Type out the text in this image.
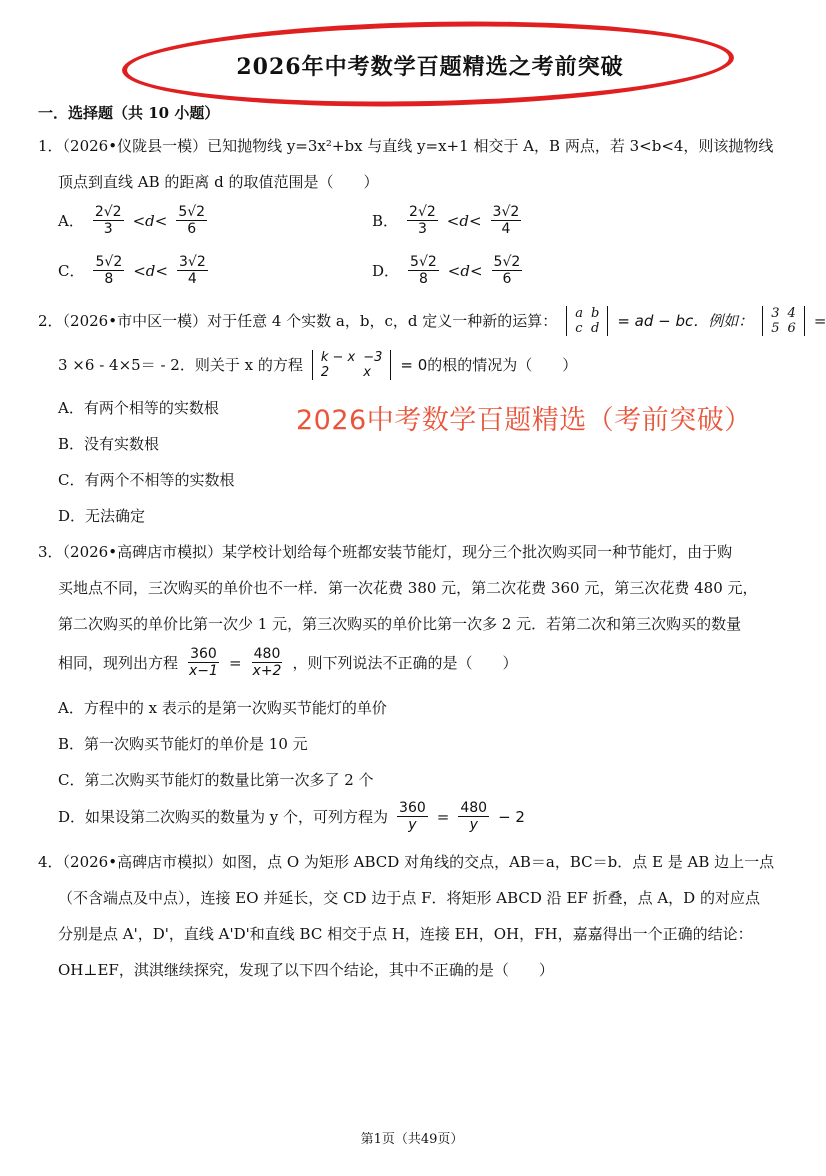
2026年中考数学百题精选之考前突破
一．选择题（共 10 小题）
1．（2026•仪陇县一模）已知抛物线 y=3x²+bx 与直线 y=x+1 相交于 A，B 两点，若 3<b<4，则该抛物线
顶点到直线 AB 的距离 d 的取值范围是（　　）
A． $\frac{2√2}{3} <d< \frac{5√2}{6}$	B． $\frac{2√2}{3} <d< \frac{3√2}{4}$
C． $\frac{5√2}{8} <d< \frac{3√2}{4}$	D． $\frac{5√2}{8} <d< \frac{5√2}{6}$
2．（2026•市中区一模）对于任意 4 个实数 a，b，c，d 定义一种新的运算： a	b
c	d = ad − bc．例如： 3	4
5	6 =
3 ×6 - 4×5＝ - 2．则关于 x 的方程 k − x	−3
2	x = 0的根的情况为（　　）
A．有两个相等的实数根
B．没有实数根
C．有两个不相等的实数根
D．无法确定
2026中考数学百题精选（考前突破）
3．（2026•高碑店市模拟）某学校计划给每个班都安装节能灯，现分三个批次购买同一种节能灯，由于购
买地点不同，三次购买的单价也不一样．第一次花费 380 元，第二次花费 360 元，第三次花费 480 元，
第二次购买的单价比第一次少 1 元，第三次购买的单价比第一次多 2 元．若第二次和第三次购买的数量
相同，现列出方程 $\frac{360}{x-1} = \frac{480}{x+2}$ ，则下列说法不正确的是（　　）
A．方程中的 x 表示的是第一次购买节能灯的单价
B．第一次购买节能灯的单价是 10 元
C．第二次购买节能灯的数量比第一次多了 2 个
D．如果设第二次购买的数量为 y 个，可列方程为 $\frac{360}{y} = \frac{480}{y} - 2$
4．（2026•高碑店市模拟）如图，点 O 为矩形 ABCD 对角线的交点，AB＝a，BC＝b．点 E 是 AB 边上一点
（不含端点及中点），连接 EO 并延长，交 CD 边于点 F．将矩形 ABCD 沿 EF 折叠，点 A，D 的对应点
分别是点 A'，D'，直线 A'D'和直线 BC 相交于点 H，连接 EH，OH，FH，嘉嘉得出一个正确的结论：
OH⊥EF，淇淇继续探究，发现了以下四个结论，其中不正确的是（　　）
第1页（共49页）
